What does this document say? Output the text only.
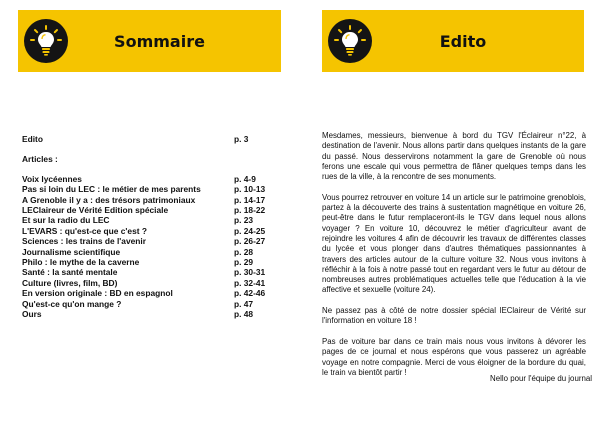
Sommaire
Edito	p. 3
Articles :
Voix lycéennes	p. 4-9
Pas si loin du LEC : le métier de mes parents	p. 10-13
A Grenoble il y a : des trésors patrimoniaux	p. 14-17
LEClaireur de Vérité Edition spéciale	p. 18-22
Et sur la radio du LEC	p. 23
L'EVARS : qu'est-ce que c'est ?	p. 24-25
Sciences : les trains de l'avenir	p. 26-27
Journalisme scientifique	p. 28
Philo : le mythe de la caverne	p. 29
Santé : la santé mentale	p. 30-31
Culture (livres, film, BD)	p. 32-41
En version originale : BD en espagnol	p. 42-46
Qu'est-ce qu'on mange ?	p. 47
Ours	p. 48
Edito

Mesdames, messieurs, bienvenue à bord du TGV l'Éclaireur n°22, à destination de l'avenir. Nous allons partir dans quelques instants de la gare du passé. Nous desservirons notamment la gare de Grenoble où nous ferons une escale qui vous permettra de flâner quelques temps dans les rues de la ville, à la rencontre de ses monuments.

Vous pourrez retrouver en voiture 14 un article sur le patrimoine grenoblois, partez à la découverte des trains à sustentation magnétique en voiture 26, peut-être dans le futur remplaceront-ils le TGV dans lequel nous allons voyager ? En voiture 10, découvrez le métier d'agriculteur avant de rejoindre les voitures 4 afin de découvrir les travaux de différentes classes du lycée et vous plonger dans d'autres thématiques passionnantes à travers des articles autour de la culture voiture 32. Nous vous invitons à réfléchir à la fois à notre passé tout en regardant vers le futur au détour de nombreuses autres problématiques actuelles telle que l'éducation à la vie affective et sexuelle (voiture 24).

Ne passez pas à côté de notre dossier spécial lEClaireur de Vérité sur l'information en voiture 18 !

Pas de voiture bar dans ce train mais nous vous invitons à dévorer les pages de ce journal et nous espérons que vous passerez un agréable voyage en notre compagnie. Merci de vous éloigner de la bordure du quai, le train va bientôt partir !

Nello pour l'équipe du journal
